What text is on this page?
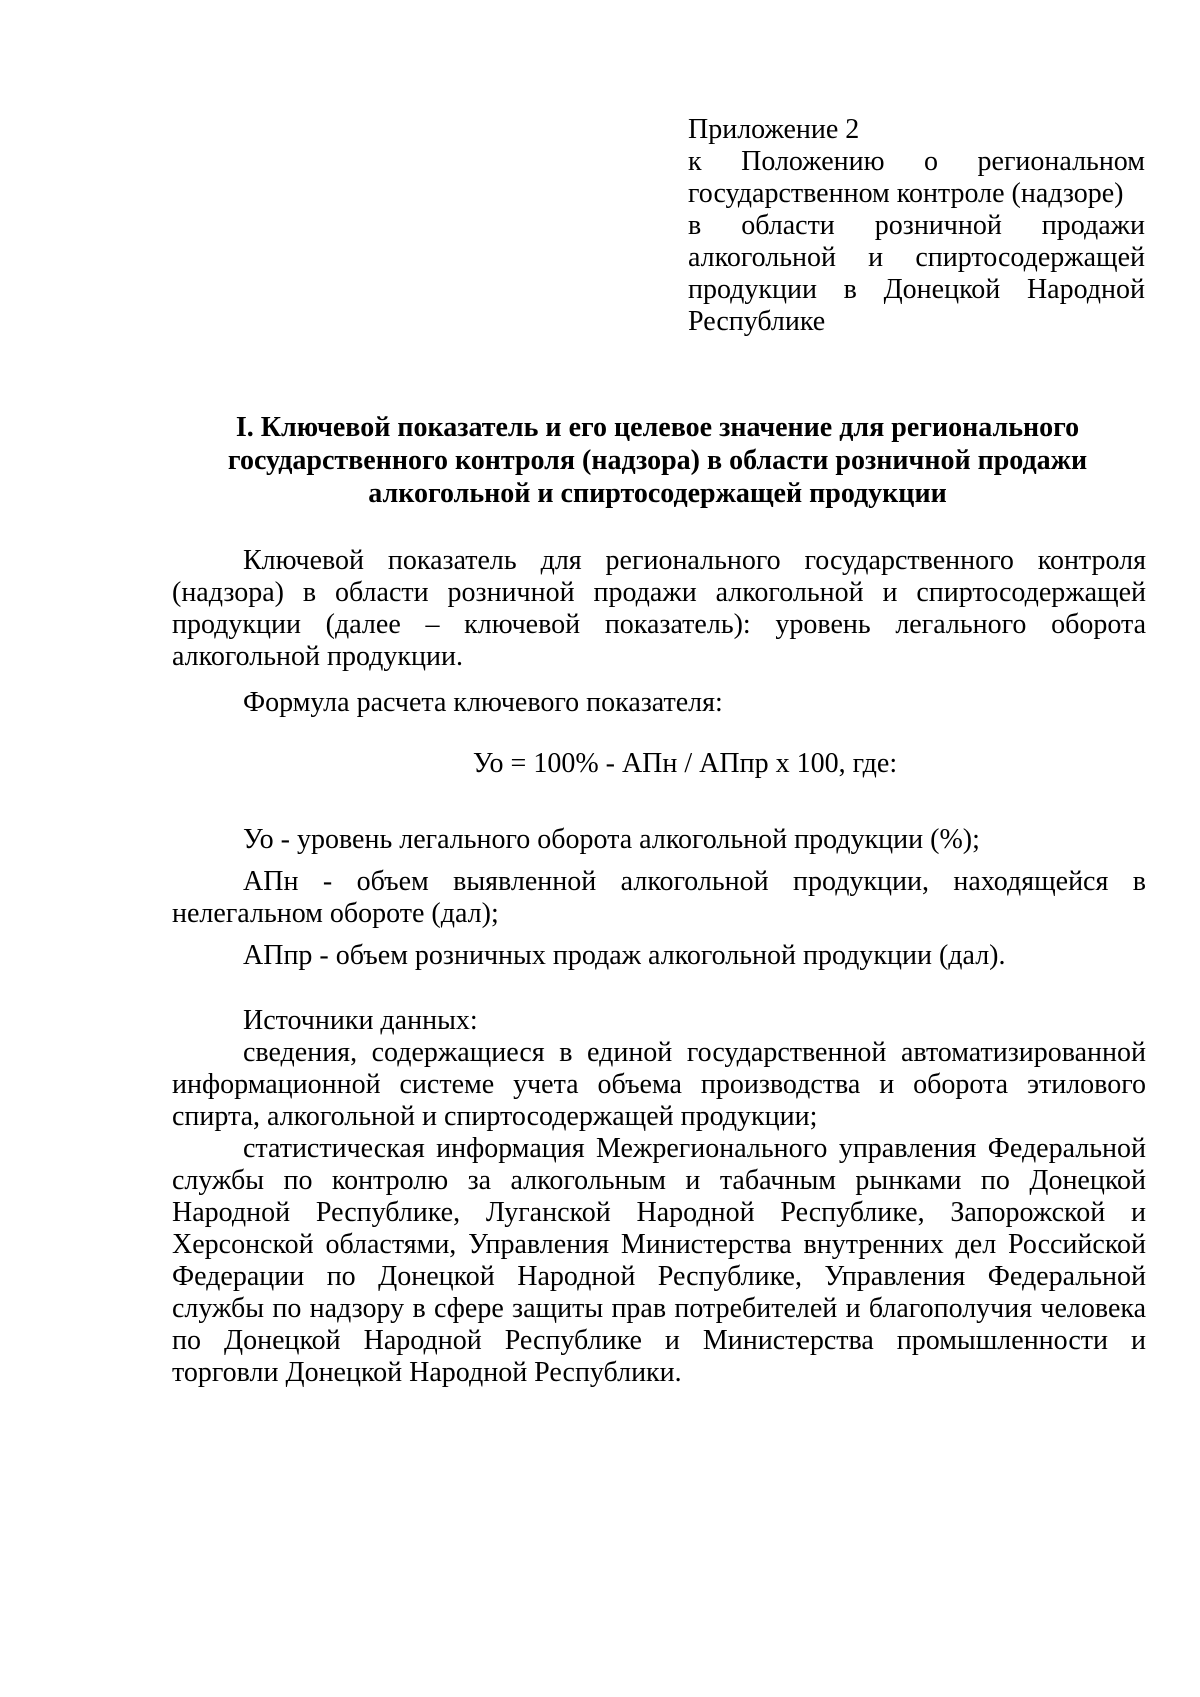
Приложение 2
к Положению о региональном
государственном контроле (надзоре)
в области розничной продажи
алкогольной и спиртосодержащей
продукции в Донецкой Народной
Республике
I. Ключевой показатель и его целевое значение для регионального
государственного контроля (надзора) в области розничной продажи
алкогольной и спиртосодержащей продукции

Ключевой показатель для регионального государственного контроля (надзора) в области розничной продажи алкогольной и спиртосодержащей продукции (далее – ключевой показатель): уровень легального оборота алкогольной продукции.

Формула расчета ключевого показателя:

Уо = 100% - АПн / АПпр х 100, где:

Уо - уровень легального оборота алкогольной продукции (%);

АПн - объем выявленной алкогольной продукции, находящейся в нелегальном обороте (дал);

АПпр - объем розничных продаж алкогольной продукции (дал).

Источники данных:

сведения, содержащиеся в единой государственной автоматизированной информационной системе учета объема производства и оборота этилового спирта, алкогольной и спиртосодержащей продукции;

статистическая информация Межрегионального управления Федеральной службы по контролю за алкогольным и табачным рынками по Донецкой Народной Республике, Луганской Народной Республике, Запорожской и Херсонской областями, Управления Министерства внутренних дел Российской Федерации по Донецкой Народной Республике, Управления Федеральной службы по надзору в сфере защиты прав потребителей и благополучия человека по Донецкой Народной Республике и Министерства промышленности и торговли Донецкой Народной Республики.
